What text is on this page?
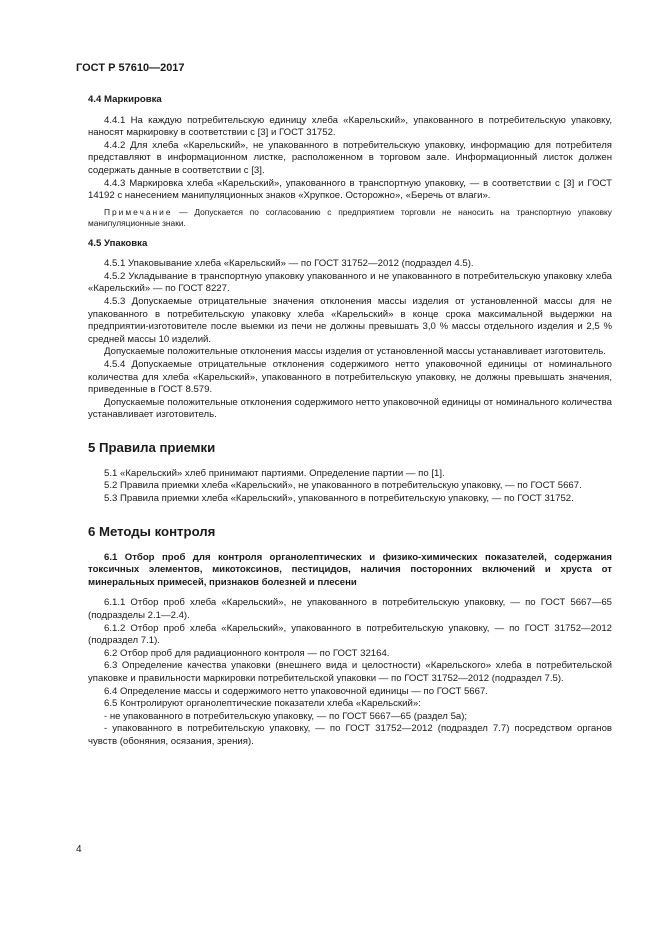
ГОСТ Р 57610—2017

4.4 Маркировка

4.4.1 На каждую потребительскую единицу хлеба «Карельский», упакованного в потребительскую упаковку, наносят маркировку в соответствии с [3] и ГОСТ 31752.

4.4.2 Для хлеба «Карельский», не упакованного в потребительскую упаковку, информацию для потребителя представляют в информационном листке, расположенном в торговом зале. Информационный листок должен содержать данные в соответствии с [3].

4.4.3 Маркировка хлеба «Карельский», упакованного в транспортную упаковку, — в соответствии с [3] и ГОСТ 14192 с нанесением манипуляционных знаков «Хрупкое. Осторожно», «Беречь от влаги».

Примечание — Допускается по согласованию с предприятием торговли не наносить на транспортную упаковку манипуляционные знаки.

4.5 Упаковка

4.5.1 Упаковывание хлеба «Карельский» — по ГОСТ 31752—2012 (подраздел 4.5).

4.5.2 Укладывание в транспортную упаковку упакованного и не упакованного в потребительскую упаковку хлеба «Карельский» — по ГОСТ 8227.

4.5.3 Допускаемые отрицательные значения отклонения массы изделия от установленной массы для не упакованного в потребительскую упаковку хлеба «Карельский» в конце срока максимальной выдержки на предприятии-изготовителе после выемки из печи не должны превышать 3,0 % массы отдельного изделия и 2,5 % средней массы 10 изделий.

Допускаемые положительные отклонения массы изделия от установленной массы устанавливает изготовитель.

4.5.4 Допускаемые отрицательные отклонения содержимого нетто упаковочной единицы от номинального количества для хлеба «Карельский», упакованного в потребительскую упаковку, не должны превышать значения, приведенные в ГОСТ 8.579.

Допускаемые положительные отклонения содержимого нетто упаковочной единицы от номинального количества устанавливает изготовитель.

5 Правила приемки

5.1 «Карельский» хлеб принимают партиями. Определение партии — по [1].

5.2 Правила приемки хлеба «Карельский», не упакованного в потребительскую упаковку, — по ГОСТ 5667.

5.3 Правила приемки хлеба «Карельский», упакованного в потребительскую упаковку, — по ГОСТ 31752.

6 Методы контроля

6.1 Отбор проб для контроля органолептических и физико-химических показателей, содержания токсичных элементов, микотоксинов, пестицидов, наличия посторонних включений и хруста от минеральных примесей, признаков болезней и плесени

6.1.1 Отбор проб хлеба «Карельский», не упакованного в потребительскую упаковку, — по ГОСТ 5667—65 (подразделы 2.1—2.4).

6.1.2 Отбор проб хлеба «Карельский», упакованного в потребительскую упаковку, — по ГОСТ 31752—2012 (подраздел 7.1).

6.2 Отбор проб для радиационного контроля — по ГОСТ 32164.

6.3 Определение качества упаковки (внешнего вида и целостности) «Карельского» хлеба в потребительской упаковке и правильности маркировки потребительской упаковки — по ГОСТ 31752—2012 (подраздел 7.5).

6.4 Определение массы и содержимого нетто упаковочной единицы — по ГОСТ 5667.

6.5 Контролируют органолептические показатели хлеба «Карельский»:

- не упакованного в потребительскую упаковку, — по ГОСТ 5667—65 (раздел 5а);

- упакованного в потребительскую упаковку, — по ГОСТ 31752—2012 (подраздел 7.7) посредством органов чувств (обоняния, осязания, зрения).

4
